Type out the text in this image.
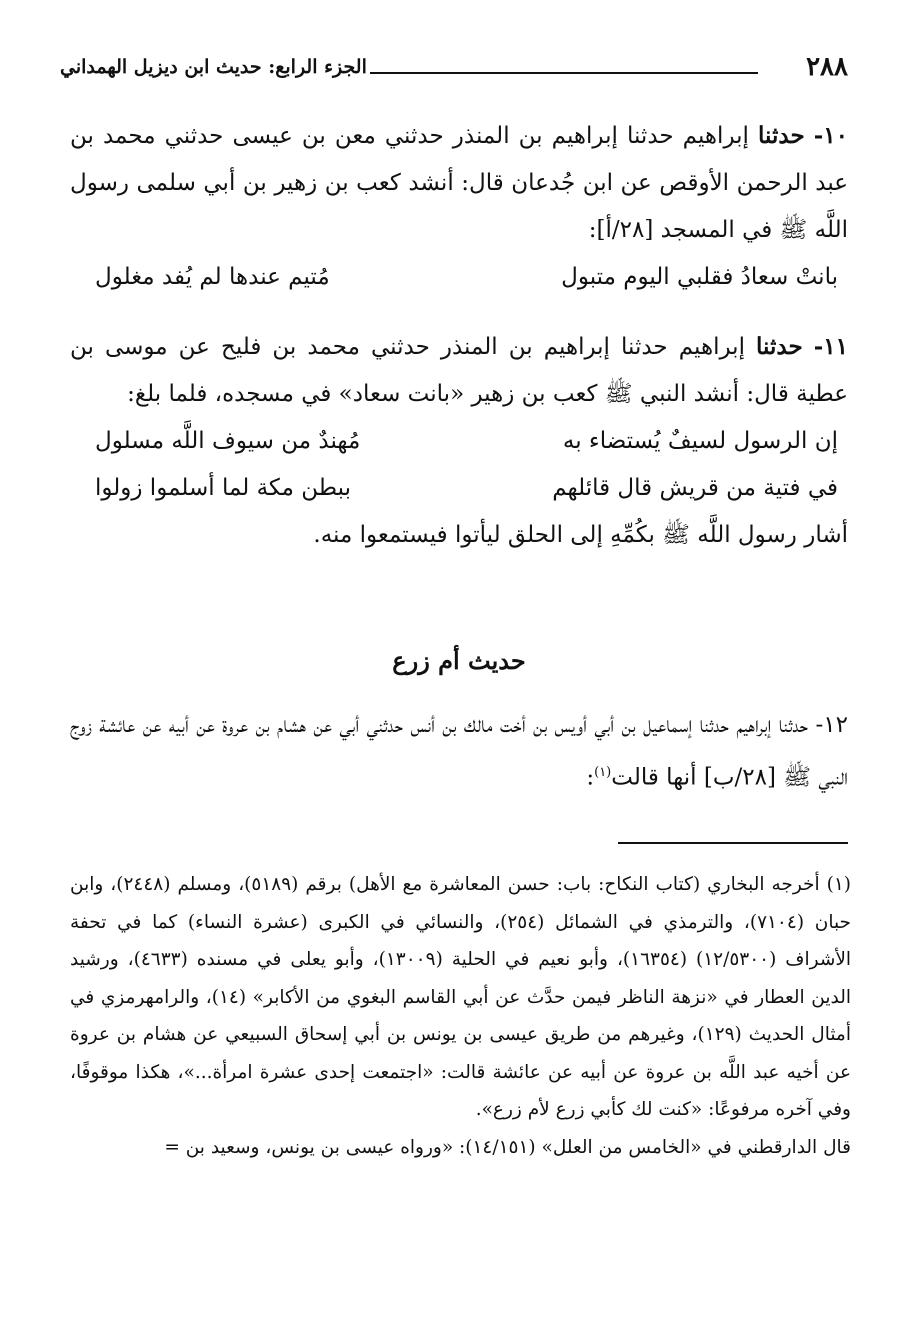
٢٨٨
الجزء الرابع: حديث ابن ديزيل الهمداني

١٠- حدثنا إبراهيم حدثنا إبراهيم بن المنذر حدثني معن بن عيسى حدثني محمد بن عبد الرحمن الأوقص عن ابن جُدعان قال: أنشد كعب بن زهير بن أبي سلمى رسول اللَّه ﷺ في المسجد [٢٨/أ]:

بانتْ سعادُ فقلبي اليوم متبول
مُتيم عندها لم يُفد مغلول

١١- حدثنا إبراهيم حدثنا إبراهيم بن المنذر حدثني محمد بن فليح عن موسى بن عطية قال: أنشد النبي ﷺ كعب بن زهير «بانت سعاد» في مسجده، فلما بلغ:

إن الرسول لسيفٌ يُستضاء به
مُهندٌ من سيوف اللَّه مسلول

في فتية من قريش قال قائلهم
ببطن مكة لما أسلموا زولوا

أشار رسول اللَّه ﷺ بكُمِّهِ إلى الحلق ليأتوا فيستمعوا منه.

حديث أم زرع

١٢- حدثنا إبراهيم حدثنا إسماعيل بن أبي أويس بن أخت مالك بن أنس حدثني أبي عن هشام بن عروة عن أبيه عن عائشة زوج النبي ﷺ [٢٨/ب] أنها قالت$^{(١)}$:

(١) أخرجه البخاري (كتاب النكاح: باب: حسن المعاشرة مع الأهل) برقم (٥١٨٩)، ومسلم (٢٤٤٨)، وابن حبان (٧١٠٤)، والترمذي في الشمائل (٢٥٤)، والنسائي في الكبرى (عشرة النساء) كما في تحفة الأشراف (١٢/٥٣٠٠) (١٦٣٥٤)، وأبو نعيم في الحلية (١٣٠٠٩)، وأبو يعلى في مسنده (٤٦٣٣)، ورشيد الدين العطار في «نزهة الناظر فيمن حدَّث عن أبي القاسم البغوي من الأكابر» (١٤)، والرامهرمزي في أمثال الحديث (١٢٩)، وغيرهم من طريق عيسى بن يونس بن أبي إسحاق السبيعي عن هشام بن عروة عن أخيه عبد اللَّه بن عروة عن أبيه عن عائشة قالت: «اجتمعت إحدى عشرة امرأة...»، هكذا موقوفًا، وفي آخره مرفوعًا: «كنت لك كأبي زرع لأم زرع».

قال الدارقطني في «الخامس من العلل» (١٤/١٥١): «ورواه عيسى بن يونس، وسعيد بن =
